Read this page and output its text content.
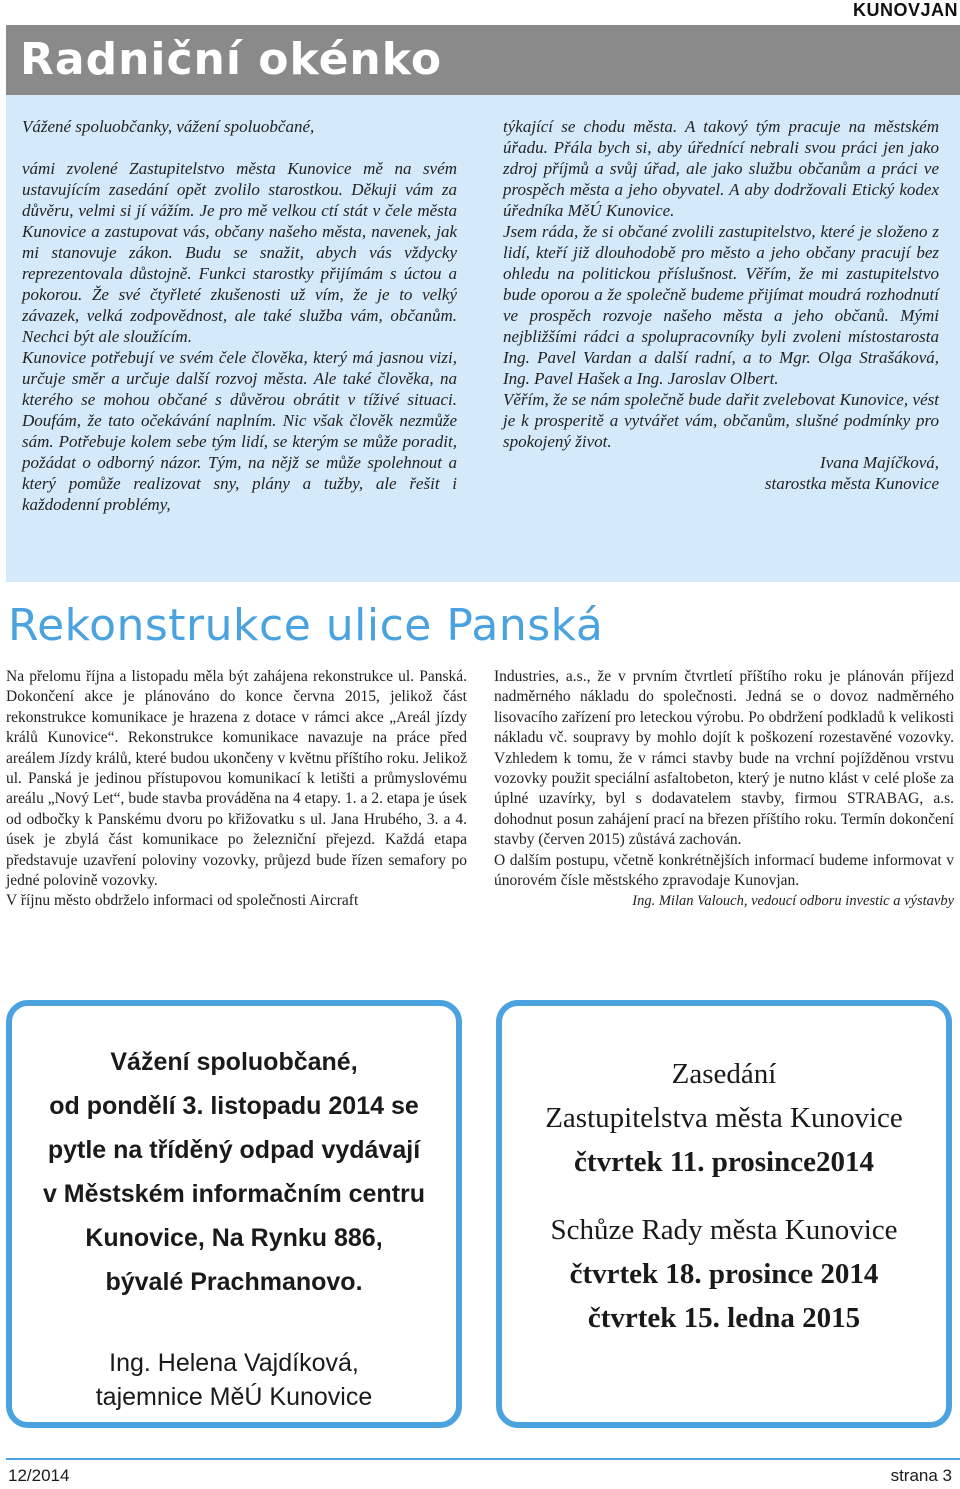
KUNOVJAN
Radniční okénko

Vážené spoluobčanky, vážení spoluobčané,

vámi zvolené Zastupitelstvo města Kunovice mě na svém ustavujícím zasedání opět zvolilo starostkou. Děkuji vám za důvěru, velmi si jí vážím. Je pro mě velkou ctí stát v čele města Kunovice a zastupovat vás, občany našeho města, navenek, jak mi stanovuje zákon. Budu se snažit, abych vás vždycky reprezentovala důstojně. Funkci starostky přijímám s úctou a pokorou. Že své čtyřleté zkušenosti už vím, že je to velký závazek, velká zodpovědnost, ale také služba vám, občanům. Nechci být ale sloužícím.

Kunovice potřebují ve svém čele člověka, který má jasnou vizi, určuje směr a určuje další rozvoj města. Ale také člověka, na kterého se mohou občané s důvěrou obrátit v tíživé situaci. Doufám, že tato očekávání naplním. Nic však člověk nezmůže sám. Potřebuje kolem sebe tým lidí, se kterým se může poradit, požádat o odborný názor. Tým, na nějž se může spolehnout a který pomůže realizovat sny, plány a tužby, ale řešit i každodenní problémy,

týkající se chodu města. A takový tým pracuje na městském úřadu. Přála bych si, aby úřednící nebrali svou práci jen jako zdroj příjmů a svůj úřad, ale jako službu občanům a práci ve prospěch města a jeho obyvatel. A aby dodržovali Etický kodex úředníka MěÚ Kunovice.

Jsem ráda, že si občané zvolili zastupitelstvo, které je složeno z lidí, kteří již dlouhodobě pro město a jeho občany pracují bez ohledu na politickou příslušnost. Věřím, že mi zastupitelstvo bude oporou a že společně budeme přijímat moudrá rozhodnutí ve prospěch rozvoje našeho města a jeho občanů. Mými nejbližšími rádci a spolupracovníky byli zvoleni místostarosta Ing. Pavel Vardan a další radní, a to Mgr. Olga Strašáková, Ing. Pavel Hašek a Ing. Jaroslav Olbert.

Věřím, že se nám společně bude dařit zvelebovat Kunovice, vést je k prosperitě a vytvářet vám, občanům, slušné podmínky pro spokojený život.

Ivana Majíčková,

starostka města Kunovice

Rekonstrukce ulice Panská

Na přelomu října a listopadu měla být zahájena rekonstrukce ul. Panská. Dokončení akce je plánováno do konce června 2015, jelikož část rekonstrukce komunikace je hrazena z dotace v rámci akce „Areál jízdy králů Kunovice“. Rekonstrukce komunikace navazuje na práce před areálem Jízdy králů, které budou ukončeny v květnu příštího roku. Jelikož ul. Panská je jedinou přístupovou komunikací k letišti a průmyslovému areálu „Nový Let“, bude stavba prováděna na 4 etapy. 1. a 2. etapa je úsek od odbočky k Panskému dvoru po křižovatku s ul. Jana Hrubého, 3. a 4. úsek je zbylá část komunikace po železniční přejezd. Každá etapa představuje uzavření poloviny vozovky, průjezd bude řízen semafory po jedné polovině vozovky.

V říjnu město obdrželo informaci od společnosti Aircraft

Industries, a.s., že v prvním čtvrtletí příštího roku je plánován příjezd nadměrného nákladu do společnosti. Jedná se o dovoz nadměrného lisovacího zařízení pro leteckou výrobu. Po obdržení podkladů k velikosti nákladu vč. soupravy by mohlo dojít k poškození rozestavěné vozovky. Vzhledem k tomu, že v rámci stavby bude na vrchní pojížděnou vrstvu vozovky použit speciální asfaltobeton, který je nutno klást v celé ploše za úplné uzavírky, byl s dodavatelem stavby, firmou STRABAG, a.s. dohodnut posun zahájení prací na březen příštího roku. Termín dokončení stavby (červen 2015) zůstává zachován.

O dalším postupu, včetně konkrétnějších informací budeme informovat v únorovém čísle městského zpravodaje Kunovjan.

Ing. Milan Valouch, vedoucí odboru investic a výstavby

Vážení spoluobčané,
od pondělí 3. listopadu 2014 se
pytle na tříděný odpad vydávají
v Městském informačním centru
Kunovice, Na Rynku 886,
bývalé Prachmanovo.
Ing. Helena Vajdíková,
tajemnice MěÚ Kunovice
Zasedání
Zastupitelstva města Kunovice
čtvrtek 11. prosince2014
Schůze Rady města Kunovice
čtvrtek 18. prosince 2014
čtvrtek 15. ledna 2015
12/2014	strana 3
